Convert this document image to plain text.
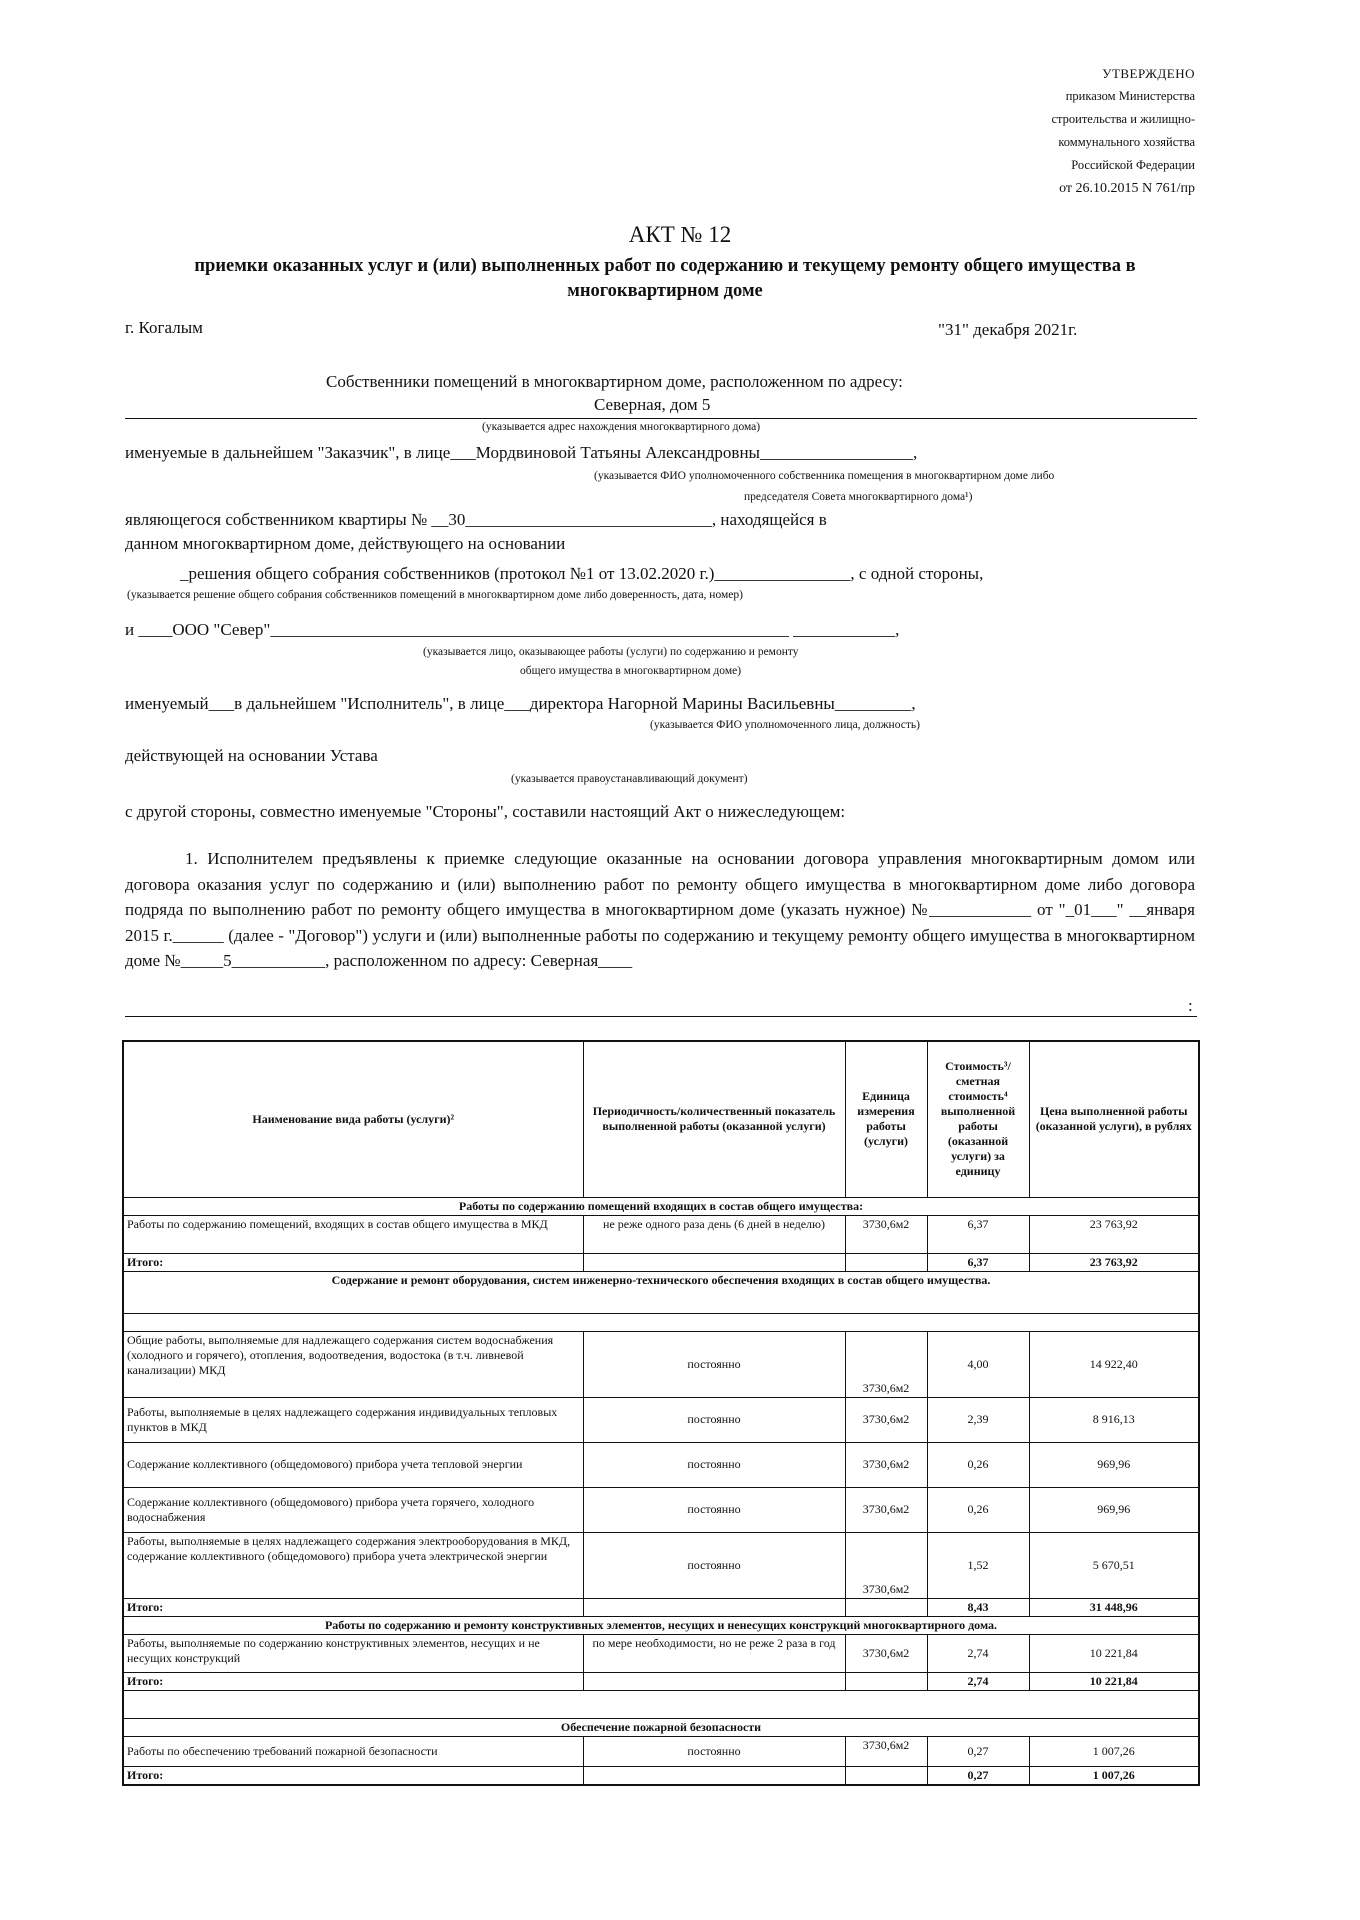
УТВЕРЖДЕНО
приказом Министерства
строительства и жилищно-
коммунального хозяйства
Российской Федерации
от 26.10.2015 N 761/пр
АКТ № 12
приемки оказанных услуг и (или) выполненных работ по содержанию и текущему ремонту общего имущества в многоквартирном доме
г. Когалым	"31" декабря 2021г.
Собственники помещений в многоквартирном доме, расположенном по адресу:
Северная, дом 5
(указывается адрес нахождения многоквартирного дома)
именуемые в дальнейшем "Заказчик", в лице___Мордвиновой Татьяны Александровны__________________,
(указывается ФИО уполномоченного собственника помещения в многоквартирном доме либо
председателя Совета многоквартирного дома¹)
являющегося собственником квартиры № __30_____________________________, находящейся в
данном многоквартирном доме, действующего на основании
_решения общего собрания собственников (протокол №1 от 13.02.2020 г.)________________, с одной стороны,
(указывается решение общего собрания собственников помещений в многоквартирном доме либо доверенность, дата, номер)
и ____ООО "Север"_____________________________________________________________ ____________,
(указывается лицо, оказывающее работы (услуги) по содержанию и ремонту
общего имущества в многоквартирном доме)
именуемый___в дальнейшем "Исполнитель", в лице___директора Нагорной Марины Васильевны_________,
(указывается ФИО уполномоченного лица, должность)
действующей на основании Устава
(указывается правоустанавливающий документ)
с другой стороны, совместно именуемые "Стороны", составили настоящий Акт о нижеследующем:
1. Исполнителем предъявлены к приемке следующие оказанные на основании договора управления многоквартирным домом или договора оказания услуг по содержанию и (или) выполнению работ по ремонту общего имущества в многоквартирном доме либо договора подряда по выполнению работ по ремонту общего имущества в многоквартирном доме (указать нужное) №____________ от "_01___" __января 2015 г.______ (далее - "Договор") услуги и (или) выполненные работы по содержанию и текущему ремонту общего имущества в многоквартирном доме №_____5___________, расположенном по адресу: Северная____
:
Наименование вида работы (услуги)²	Периодичность/количественный показатель выполненной работы (оказанной услуги)	Единица измерения работы (услуги)	Стоимость³/сметная стоимость⁴ выполненной работы (оказанной услуги) за единицу	Цена выполненной работы (оказанной услуги), в рублях
Работы по содержанию помещений входящих в состав общего имущества:				
Работы по содержанию помещений, входящих в состав общего имущества в МКД	не реже одного раза день (6 дней в неделю)	3730,6м2	6,37	23 763,92
Итого:			6,37	23 763,92
Содержание и ремонт оборудования, систем инженерно-технического обеспечения входящих в состав общего имущества.				

Общие работы, выполняемые для надлежащего содержания систем водоснабжения (холодного и горячего), отопления, водоотведения, водостока (в т.ч. ливневой канализации) МКД	постоянно	3730,6м2	4,00	14 922,40
Работы, выполняемые в целях надлежащего содержания индивидуальных тепловых пунктов в МКД	постоянно	3730,6м2	2,39	8 916,13
Содержание коллективного (общедомового) прибора учета тепловой энергии	постоянно	3730,6м2	0,26	969,96
Содержание коллективного (общедомового) прибора учета горячего, холодного водоснабжения	постоянно	3730,6м2	0,26	969,96
Работы, выполняемые в целях надлежащего содержания электрооборудования в МКД, содержание коллективного (общедомового) прибора учета электрической энергии	постоянно	3730,6м2	1,52	5 670,51
Итого:			8,43	31 448,96
Работы по содержанию и ремонту конструктивных элементов, несущих и ненесущих конструкций многоквартирного дома.				
Работы, выполняемые по содержанию конструктивных элементов, несущих и не несущих конструкций	по мере необходимости, но не реже 2 раза в год	3730,6м2	2,74	10 221,84
Итого:			2,74	10 221,84

Обеспечение пожарной безопасности				
Работы по обеспечению требований пожарной безопасности	постоянно	3730,6м2	0,27	1 007,26
Итого:			0,27	1 007,26
